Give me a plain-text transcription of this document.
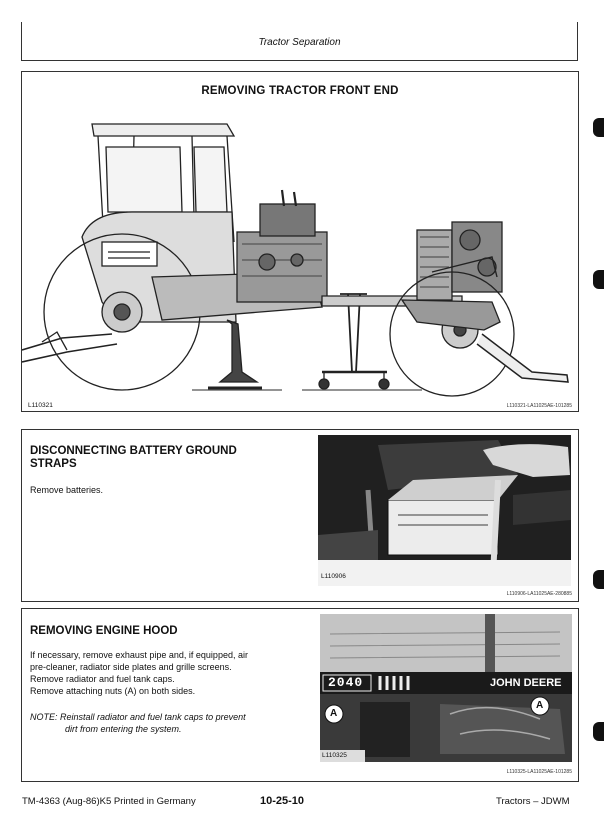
Tractor Separation
REMOVING TRACTOR FRONT END
L110321	L110321-LA11025AE-101285
DISCONNECTING BATTERY GROUND
STRAPS
Remove batteries.
L110906
L110906-LA11025AE-280885
REMOVING ENGINE HOOD
If necessary, remove exhaust pipe and, if equipped, air
pre-cleaner, radiator side plates and grille screens.
Remove radiator and fuel tank caps.
Remove attaching nuts (A) on both sides.
NOTE: Reinstall radiator and fuel tank caps to prevent
dirt from entering the system.
2040	JOHN DEERE
A
A
L110325
L110325-LA11025AE-101285
TM-4363 (Aug-86)K5 Printed in Germany	10-25-10	Tractors – JDWM
